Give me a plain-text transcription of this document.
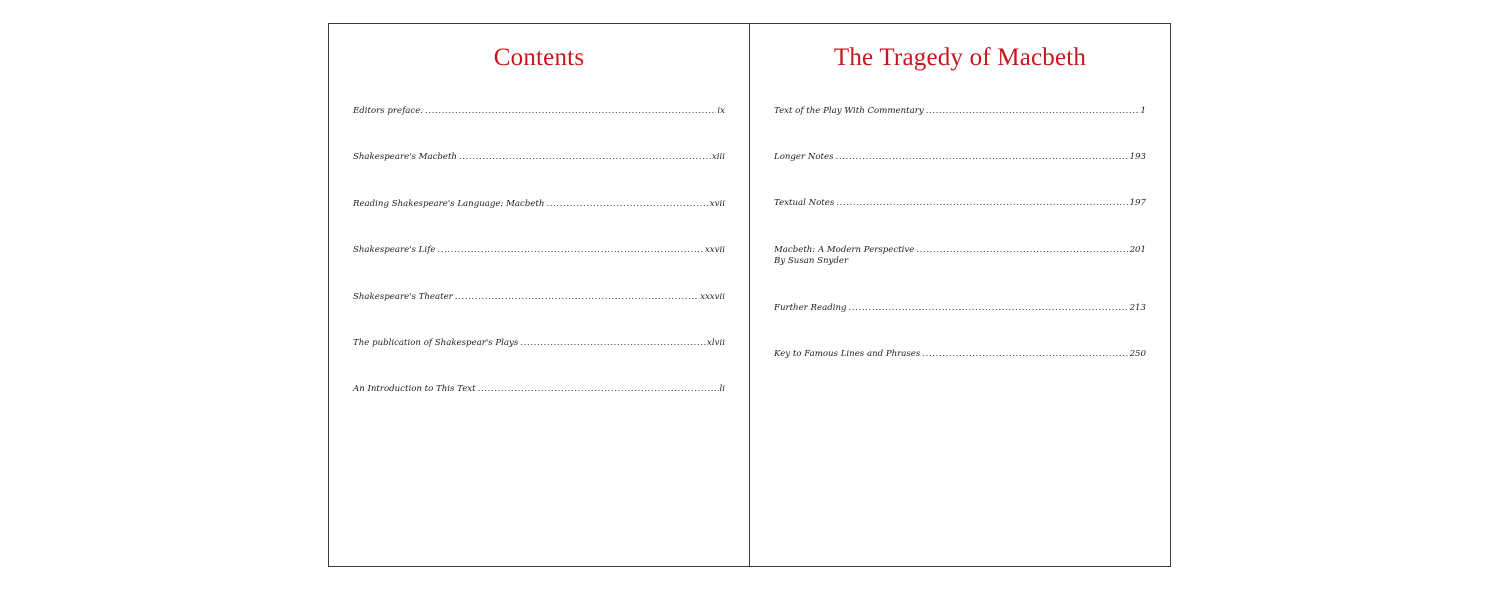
Contents
Editors preface. .....	ix
Shakespeare's Macbeth .....	xiii
Reading Shakespeare's Language: Macbeth .....	xvii
Shakespeare's Life .....	xxvii
Shakespeare's Theater .....	xxxvii
The publication of Shakespear's Plays .....	xlvii
An Introduction to This Text .....	li
The Tragedy of Macbeth
Text of the Play With Commentary .....	1
Longer Notes .....	193
Textual Notes .....	197
Macbeth: A Modern Perspective .....	201
By Susan Snyder
Further Reading .....	213
Key to Famous Lines and Phrases .....	250
